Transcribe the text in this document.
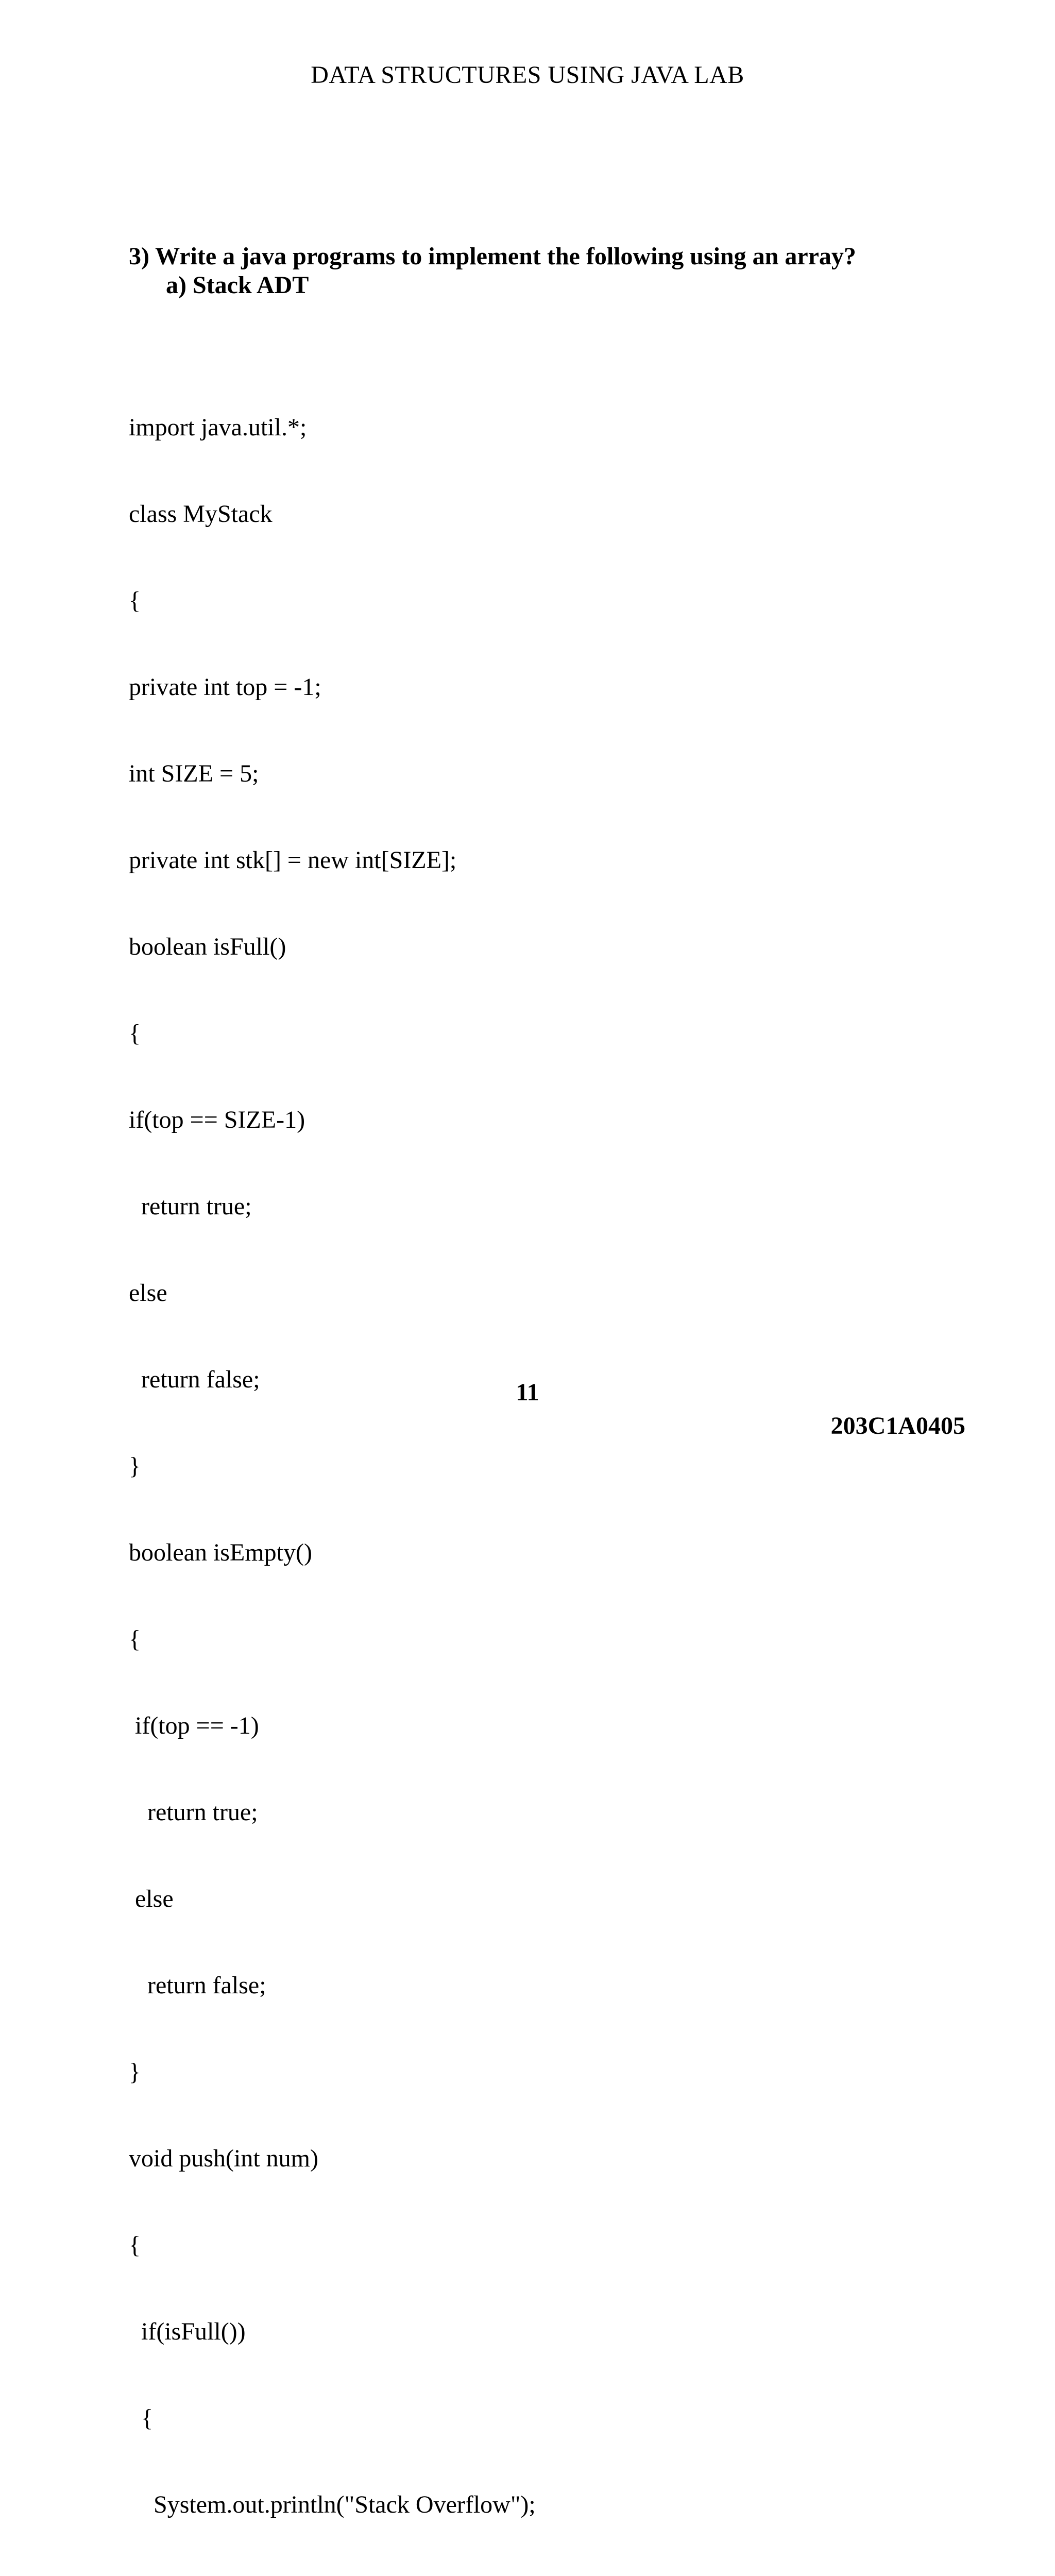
DATA STRUCTURES USING JAVA LAB
3) Write a java programs to implement the following using an array?
a) Stack ADT

import java.util.*;

class MyStack

{

private int top = -1;

int SIZE = 5;

private int stk[] = new int[SIZE];

boolean isFull()

{

if(top == SIZE-1)

return true;

else

return false;

}

boolean isEmpty()

{

if(top == -1)

return true;

else

return false;

}

void push(int num)

{

if(isFull())

{

System.out.println("Stack Overflow");

11
203C1A0405
